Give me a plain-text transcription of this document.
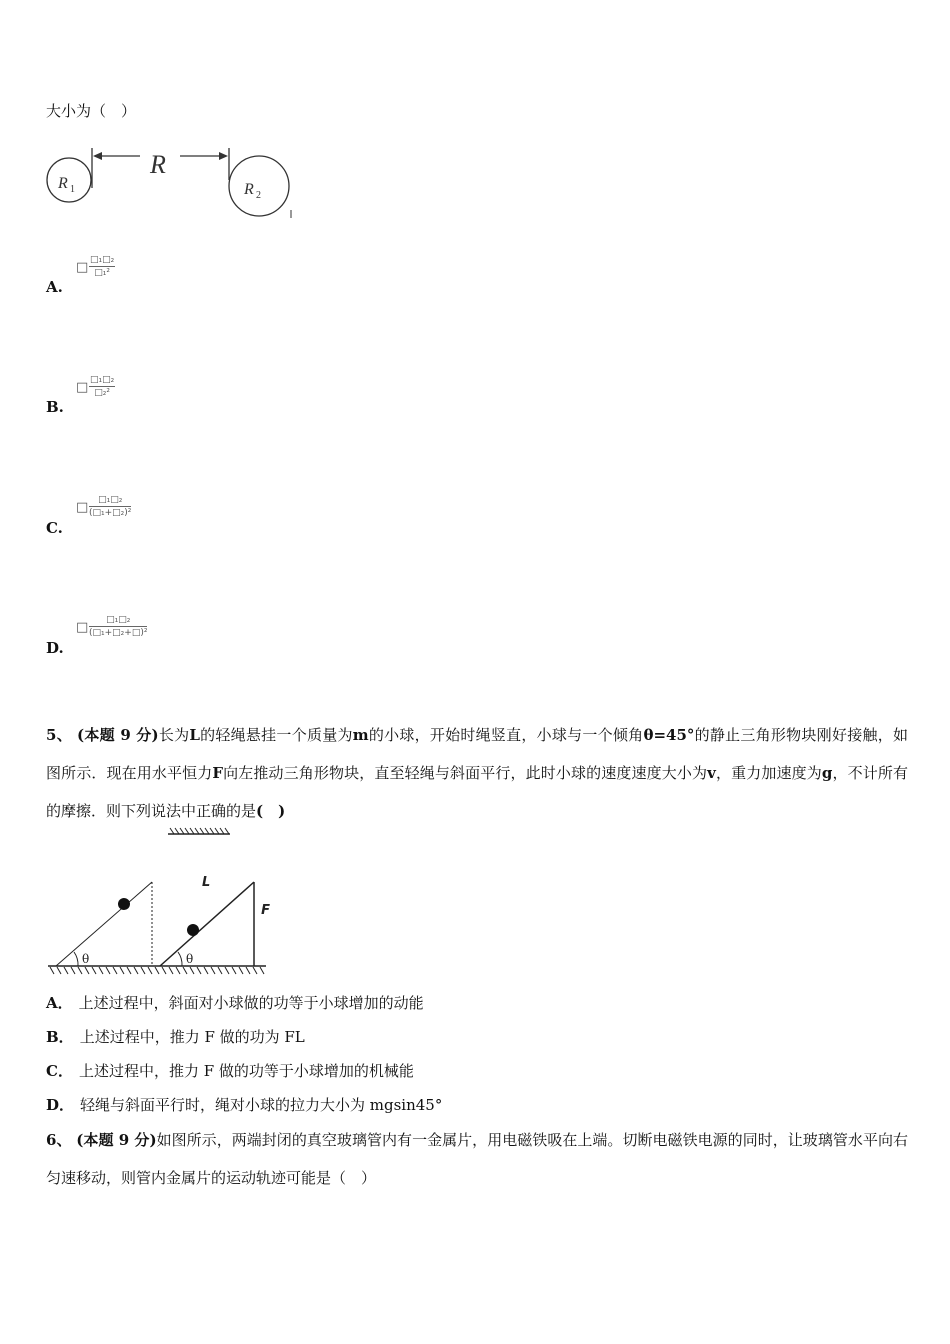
大小为（　）
R
R 1	R 2
□ □₁□₂
□₁²
A.
□ □₁□₂
□₂²
B.
□	□₁□₂
(□₁+□₂)²
C.
□	□₁□₂
(□₁+□₂+□)²
D.
5、 (本题 9 分)长为L的轻绳悬挂一个质量为m的小球，开始时绳竖直，小球与一个倾角θ=45°的静止三角形物块刚好接触，如图所示．现在用水平恒力F向左推动三角形物块，直至轻绳与斜面平行，此时小球的速度速度大小为v，重力加速度为g，不计所有的摩擦．则下列说法中正确的是(　)
θ	θ
L
F
A． 上述过程中，斜面对小球做的功等于小球增加的动能
B． 上述过程中，推力 F 做的功为 FL
C． 上述过程中，推力 F 做的功等于小球增加的机械能
D． 轻绳与斜面平行时，绳对小球的拉力大小为 mgsin45°
6、 (本题 9 分)如图所示，两端封闭的真空玻璃管内有一金属片，用电磁铁吸在上端。切断电磁铁电源的同时，让玻璃管水平向右匀速移动，则管内金属片的运动轨迹可能是（　）
